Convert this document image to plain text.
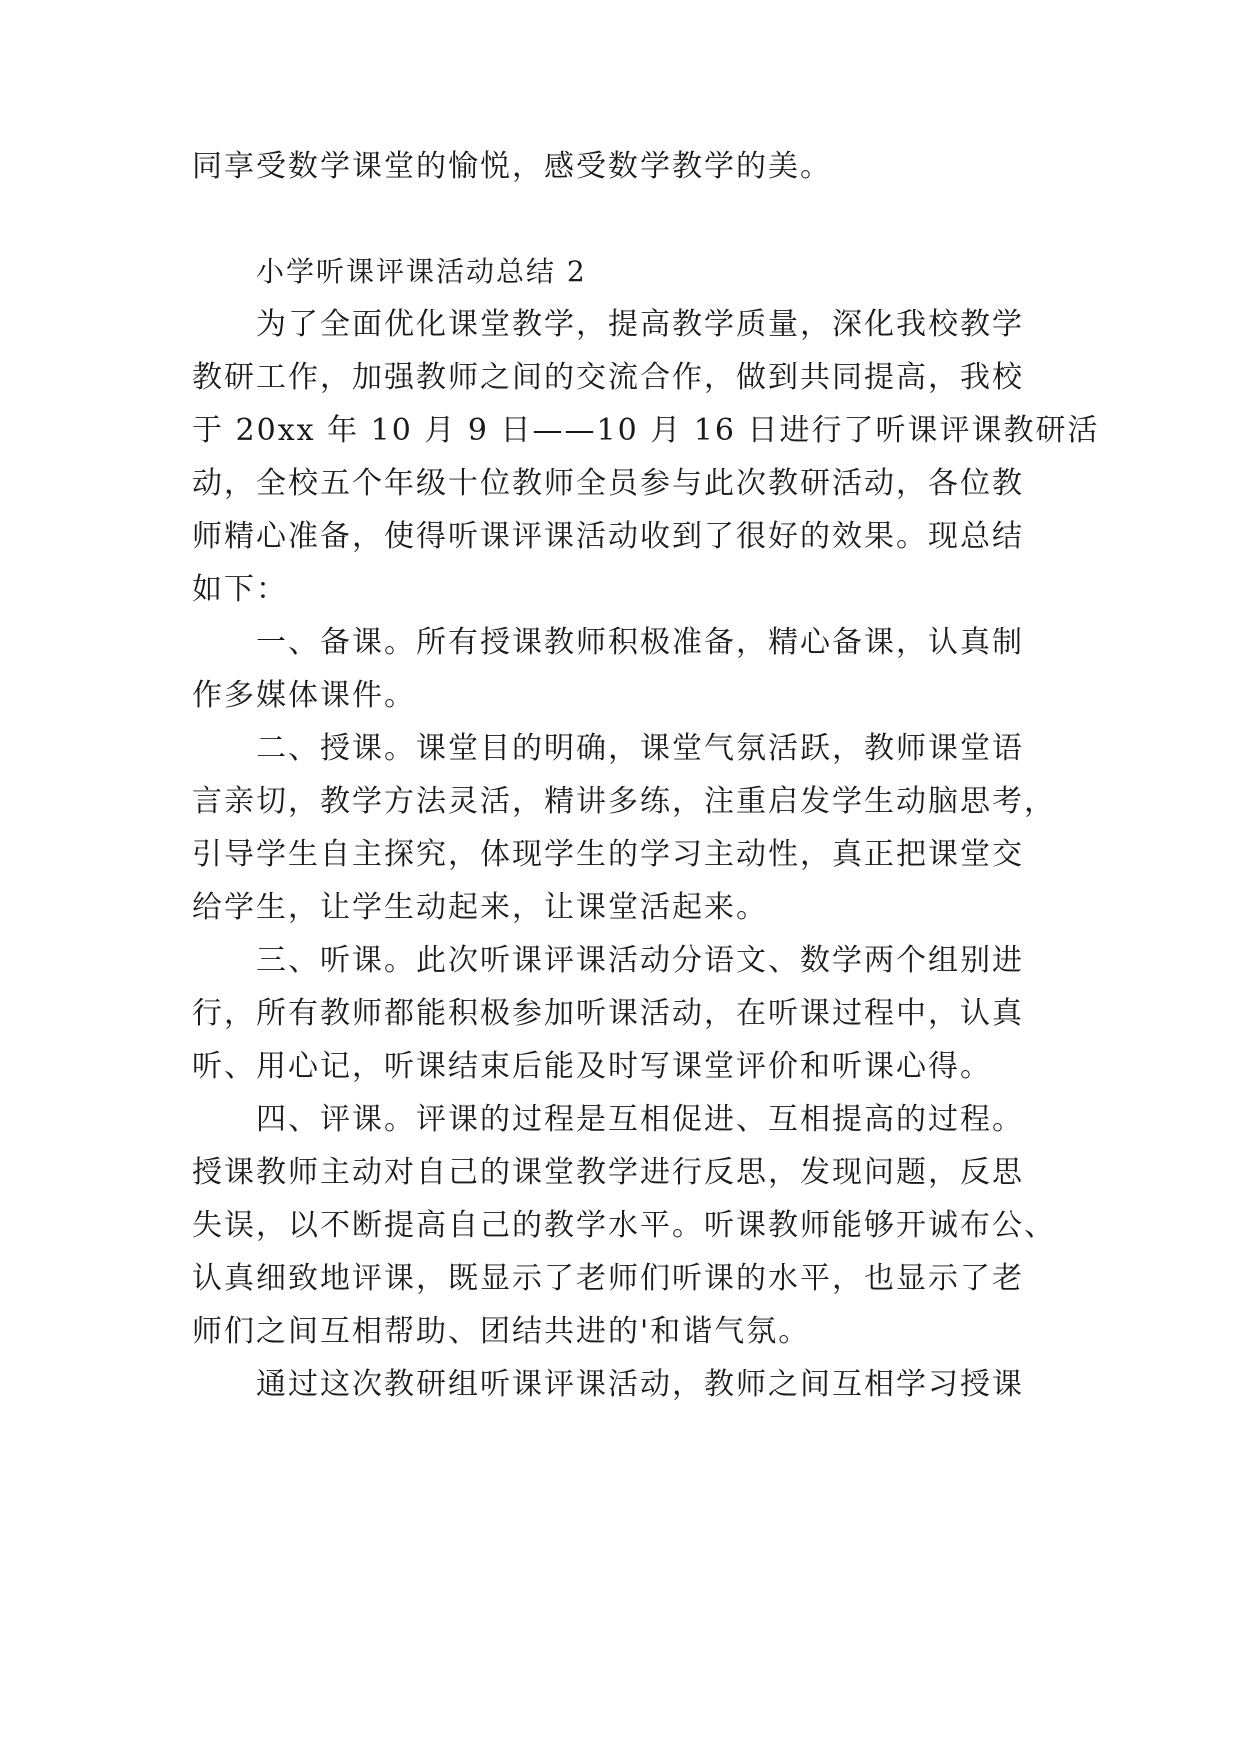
同享受数学课堂的愉悦，感受数学教学的美。
小学听课评课活动总结 2
为了全面优化课堂教学，提高教学质量，深化我校教学
教研工作，加强教师之间的交流合作，做到共同提高，我校
于 20xx 年 10 月 9 日——10 月 16 日进行了听课评课教研活
动，全校五个年级十位教师全员参与此次教研活动，各位教
师精心准备，使得听课评课活动收到了很好的效果。现总结
如下：
一、备课。所有授课教师积极准备，精心备课，认真制
作多媒体课件。
二、授课。课堂目的明确，课堂气氛活跃，教师课堂语
言亲切，教学方法灵活，精讲多练，注重启发学生动脑思考，
引导学生自主探究，体现学生的学习主动性，真正把课堂交
给学生，让学生动起来，让课堂活起来。
三、听课。此次听课评课活动分语文、数学两个组别进
行，所有教师都能积极参加听课活动，在听课过程中，认真
听、用心记，听课结束后能及时写课堂评价和听课心得。
四、评课。评课的过程是互相促进、互相提高的过程。
授课教师主动对自己的课堂教学进行反思，发现问题，反思
失误，以不断提高自己的教学水平。听课教师能够开诚布公、
认真细致地评课，既显示了老师们听课的水平，也显示了老
师们之间互相帮助、团结共进的'和谐气氛。
通过这次教研组听课评课活动，教师之间互相学习授课
